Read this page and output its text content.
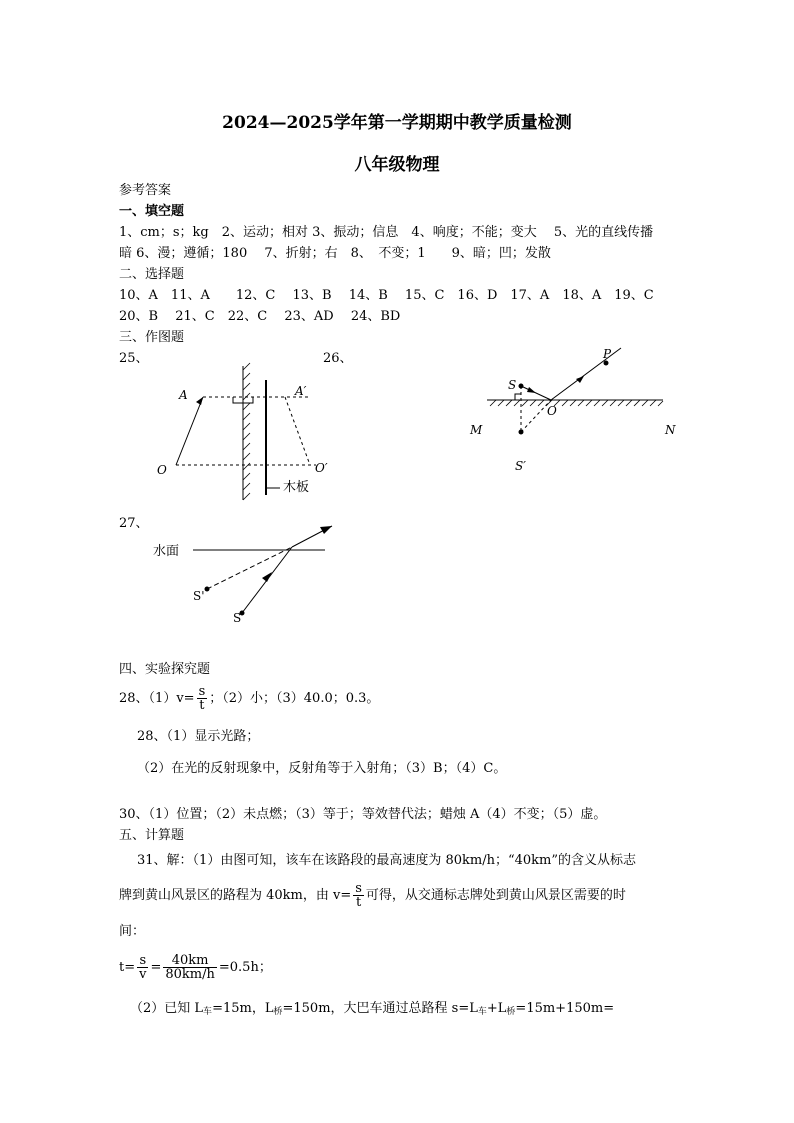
2024—2025学年第一学期期中教学质量检测
八年级物理
参考答案
一、填空题
1、cm；s；kg　2、运动；相对 3、振动；信息　4、响度；不能；变大　 5、光的直线传播
暗 6、漫；遵循；180　 7、折射；右　8、　不变；1　　9、暗；凹；发散
二、选择题
10、A　11、A　　12、C　 13、B　 14、B　 15、C　16、D　17、A　18、A　19、C
20、B　 21、C　22、C　 23、AD　 24、BD
三、作图题
25、	26、
A	A′
O	O′
木板
P
S
O
M	N
S′
27、
水面
S'
S
四、实验探究题
28、$(1)v= \frac{s}{t}$ ；（2）小；（3）40.0；0.3。
28、（1）显示光路；
（2）在光的反射现象中，反射角等于入射角；（3）B；（4）C。
30、（1）位置；（2）未点燃；（3）等于；等效替代法；蜡烛 A（4）不变；（5）虚。
五、计算题
31、解：（1）由图可知，该车在该路段的最高速度为 80km/h；“40km”的含义从标志
牌到黄山风景区的路程为 40km，由 $v= \frac{s}{t}$ 可得，从交通标志牌处到黄山风景区需要的时
间：
$t= \frac{s}{v} = \frac{40km}{80km/h} =0.5h$；
（2）已知 $L_车=15m$，$L_桥=150m$，大巴车通过总路程 $s=L_车+L_桥=15m+150m=$
